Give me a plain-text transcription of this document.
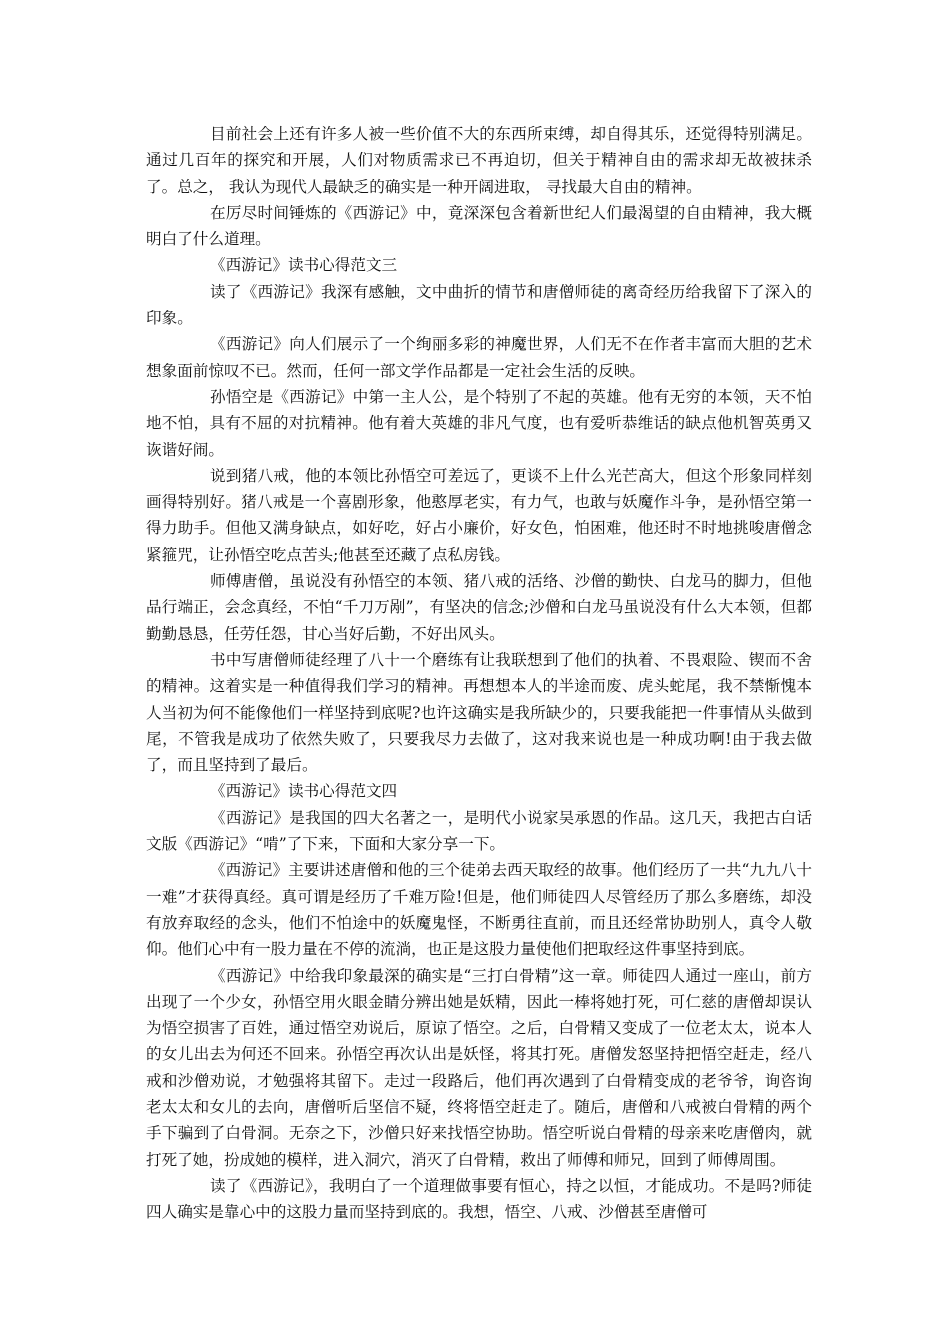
目前社会上还有许多人被一些价值不大的东西所束缚，却自得其乐，还觉得特别满足。通过几百年的探究和开展，人们对物质需求已不再迫切，但关于精神自由的需求却无故被抹杀了。总之， 我认为现代人最缺乏的确实是一种开阔进取， 寻找最大自由的精神。

在厉尽时间锤炼的《西游记》中，竟深深包含着新世纪人们最渴望的自由精神，我大概明白了什么道理。

《西游记》读书心得范文三

读了《西游记》我深有感触，文中曲折的情节和唐僧师徒的离奇经历给我留下了深入的印象。

《西游记》向人们展示了一个绚丽多彩的神魔世界，人们无不在作者丰富而大胆的艺术想象面前惊叹不已。然而，任何一部文学作品都是一定社会生活的反映。

孙悟空是《西游记》中第一主人公，是个特别了不起的英雄。他有无穷的本领，天不怕地不怕，具有不屈的对抗精神。他有着大英雄的非凡气度，也有爱听恭维话的缺点他机智英勇又诙谐好闹。

说到猪八戒，他的本领比孙悟空可差远了，更谈不上什么光芒高大，但这个形象同样刻画得特别好。猪八戒是一个喜剧形象，他憨厚老实，有力气，也敢与妖魔作斗争，是孙悟空第一得力助手。但他又满身缺点，如好吃，好占小廉价，好女色，怕困难，他还时不时地挑唆唐僧念紧箍咒，让孙悟空吃点苦头;他甚至还藏了点私房钱。

师傅唐僧，虽说没有孙悟空的本领、猪八戒的活络、沙僧的勤快、白龙马的脚力，但他品行端正，会念真经，不怕“千刀万剐”，有坚决的信念;沙僧和白龙马虽说没有什么大本领，但都勤勤恳恳，任劳任怨，甘心当好后勤，不好出风头。

书中写唐僧师徒经理了八十一个磨练有让我联想到了他们的执着、不畏艰险、锲而不舍的精神。这着实是一种值得我们学习的精神。再想想本人的半途而废、虎头蛇尾，我不禁惭愧本人当初为何不能像他们一样坚持到底呢?也许这确实是我所缺少的，只要我能把一件事情从头做到尾，不管我是成功了依然失败了，只要我尽力去做了，这对我来说也是一种成功啊!由于我去做了，而且坚持到了最后。

《西游记》读书心得范文四

《西游记》是我国的四大名著之一，是明代小说家吴承恩的作品。这几天，我把古白话文版《西游记》“啃”了下来，下面和大家分享一下。

《西游记》主要讲述唐僧和他的三个徒弟去西天取经的故事。他们经历了一共“九九八十一难”才获得真经。真可谓是经历了千难万险!但是，他们师徒四人尽管经历了那么多磨练，却没有放弃取经的念头，他们不怕途中的妖魔鬼怪，不断勇往直前，而且还经常协助别人，真令人敬仰。他们心中有一股力量在不停的流淌，也正是这股力量使他们把取经这件事坚持到底。

《西游记》中给我印象最深的确实是“三打白骨精”这一章。师徒四人通过一座山，前方出现了一个少女，孙悟空用火眼金睛分辨出她是妖精，因此一棒将她打死，可仁慈的唐僧却误认为悟空损害了百姓，通过悟空劝说后，原谅了悟空。之后，白骨精又变成了一位老太太，说本人的女儿出去为何还不回来。孙悟空再次认出是妖怪，将其打死。唐僧发怒坚持把悟空赶走，经八戒和沙僧劝说，才勉强将其留下。走过一段路后，他们再次遇到了白骨精变成的老爷爷，询咨询老太太和女儿的去向，唐僧听后坚信不疑，终将悟空赶走了。随后，唐僧和八戒被白骨精的两个手下骗到了白骨洞。无奈之下，沙僧只好来找悟空协助。悟空听说白骨精的母亲来吃唐僧肉，就打死了她，扮成她的模样，进入洞穴，消灭了白骨精，救出了师傅和师兄，回到了师傅周围。

读了《西游记》，我明白了一个道理做事要有恒心，持之以恒，才能成功。不是吗?师徒四人确实是靠心中的这股力量而坚持到底的。我想，悟空、八戒、沙僧甚至唐僧可
